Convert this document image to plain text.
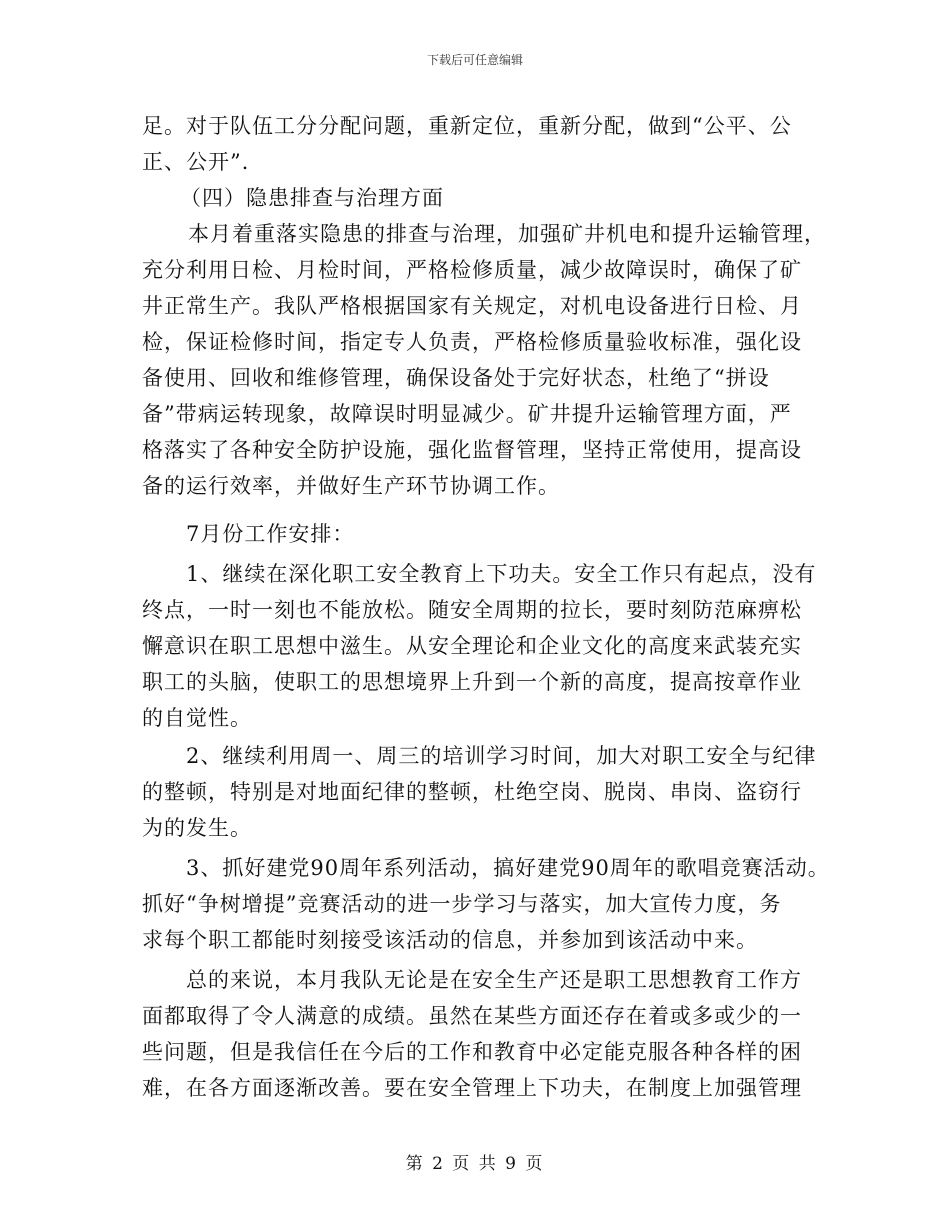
下载后可任意编辑
足。对于队伍工分分配问题，重新定位，重新分配，做到“公平、公
正、公开”．
（四）隐患排查与治理方面
本月着重落实隐患的排查与治理，加强矿井机电和提升运输管理，
充分利用日检、月检时间，严格检修质量，减少故障误时，确保了矿
井正常生产。我队严格根据国家有关规定，对机电设备进行日检、月
检，保证检修时间，指定专人负责，严格检修质量验收标准，强化设
备使用、回收和维修管理，确保设备处于完好状态，杜绝了“拼设
备”带病运转现象，故障误时明显减少。矿井提升运输管理方面，严
格落实了各种安全防护设施，强化监督管理，坚持正常使用，提高设
备的运行效率，并做好生产环节协调工作。
7月份工作安排：
1、继续在深化职工安全教育上下功夫。安全工作只有起点，没有
终点，一时一刻也不能放松。随安全周期的拉长，要时刻防范麻痹松
懈意识在职工思想中滋生。从安全理论和企业文化的高度来武装充实
职工的头脑，使职工的思想境界上升到一个新的高度，提高按章作业
的自觉性。
2、继续利用周一、周三的培训学习时间，加大对职工安全与纪律
的整顿，特别是对地面纪律的整顿，杜绝空岗、脱岗、串岗、盗窃行
为的发生。
3、抓好建党90周年系列活动，搞好建党90周年的歌唱竞赛活动。
抓好“争树增提”竞赛活动的进一步学习与落实，加大宣传力度，务
求每个职工都能时刻接受该活动的信息，并参加到该活动中来。
总的来说，本月我队无论是在安全生产还是职工思想教育工作方
面都取得了令人满意的成绩。虽然在某些方面还存在着或多或少的一
些问题，但是我信任在今后的工作和教育中必定能克服各种各样的困
难，在各方面逐渐改善。要在安全管理上下功夫，在制度上加强管理
第 2 页 共 9 页
